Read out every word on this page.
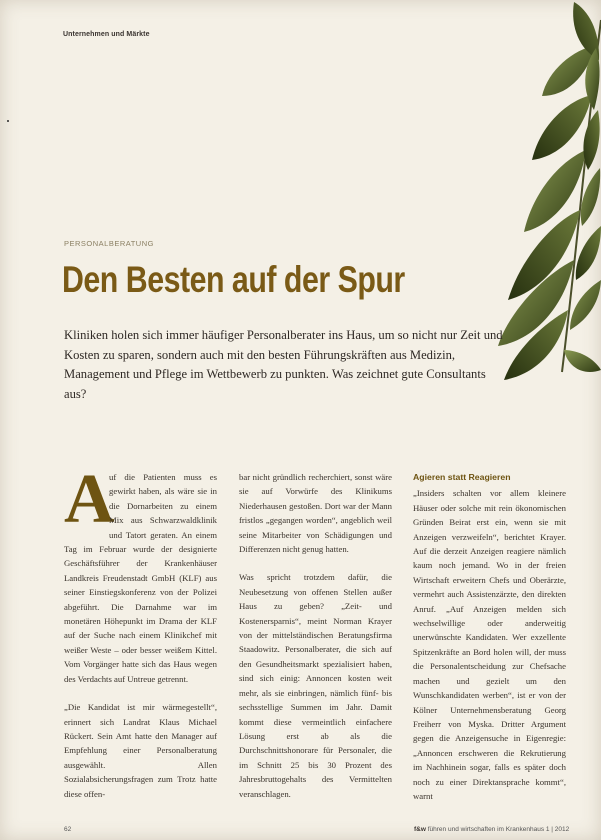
Unternehmen und Märkte
PERSONALBERATUNG
Den Besten auf der Spur

Kliniken holen sich immer häufiger Personalberater ins Haus, um so nicht nur Zeit und Kosten zu sparen, sondern auch mit den besten Führungskräften aus Medizin, Management und Pflege im Wettbewerb zu punkten. Was zeichnet gute Consultants aus?

A
uf die Patienten muss es gewirkt haben, als wäre sie in die Dornarbeiten zu einem Mix aus Schwarzwaldklinik und Tatort geraten. An einem Tag im Februar wurde der designierte Geschäftsführer der Krankenhäuser Landkreis Freudenstadt GmbH (KLF) aus seiner Einstiegskonferenz von der Polizei abgeführt. Die Darnahme war im monetären Höhepunkt im Drama der KLF auf der Suche nach einem Klinikchef mit weißer Weste – oder besser weißem Kittel. Vom Vorgänger hatte sich das Haus wegen des Verdachts auf Untreue getrennt.

„Die Kandidat ist mir wärmegestellt“, erinnert sich Landrat Klaus Michael Rückert. Sein Amt hatte den Manager auf Empfehlung einer Personalberatung ausgewählt. Allen Sozialabsicherungsfragen zum Trotz hatte diese offen-

bar nicht gründlich recherchiert, sonst wäre sie auf Vorwürfe des Klinikums Niederhausen gestoßen. Dort war der Mann fristlos „gegangen worden“, angeblich weil seine Mitarbeiter von Schädigungen und Differenzen nicht genug hatten.

Was spricht trotzdem dafür, die Neubesetzung von offenen Stellen außer Haus zu geben? „Zeit- und Kostenersparnis“, meint Norman Krayer von der mittelständischen Beratungsfirma Staadowitz. Personalberater, die sich auf den Gesundheitsmarkt spezialisiert haben, sind sich einig: Annoncen kosten weit mehr, als sie einbringen, nämlich fünf- bis sechsstellige Summen im Jahr. Damit kommt diese vermeintlich einfachere Lösung erst ab als die Durchschnittshonorare für Personaler, die im Schnitt 25 bis 30 Prozent des Jahresbruttogehalts des Vermittelten veranschlagen.

Agieren statt Reagieren

„Insiders schalten vor allem kleinere Häuser oder solche mit rein ökonomischen Gründen Beirat erst ein, wenn sie mit Anzeigen verzweifeln“, berichtet Krayer. Auf die derzeit Anzeigen reagiere nämlich kaum noch jemand. Wo in der freien Wirtschaft erweitern Chefs und Oberärzte, vermehrt auch Assistenzärzte, den direkten Anruf. „Auf Anzeigen melden sich wechselwillige oder anderweitig unerwünschte Kandidaten. Wer exzellente Spitzenkräfte an Bord holen will, der muss die Personalentscheidung zur Chefsache machen und gezielt um den Wunschkandidaten werben“, ist er von der Kölner Unternehmensberatung Georg Freiherr von Myska. Dritter Argument gegen die Anzeigensuche in Eigenregie: „Annoncen erschweren die Rekrutierung im Nachhinein sogar, falls es später doch noch zu einer Direktansprache kommt“, warnt

62	f&w führen und wirtschaften im Krankenhaus 1 | 2012
